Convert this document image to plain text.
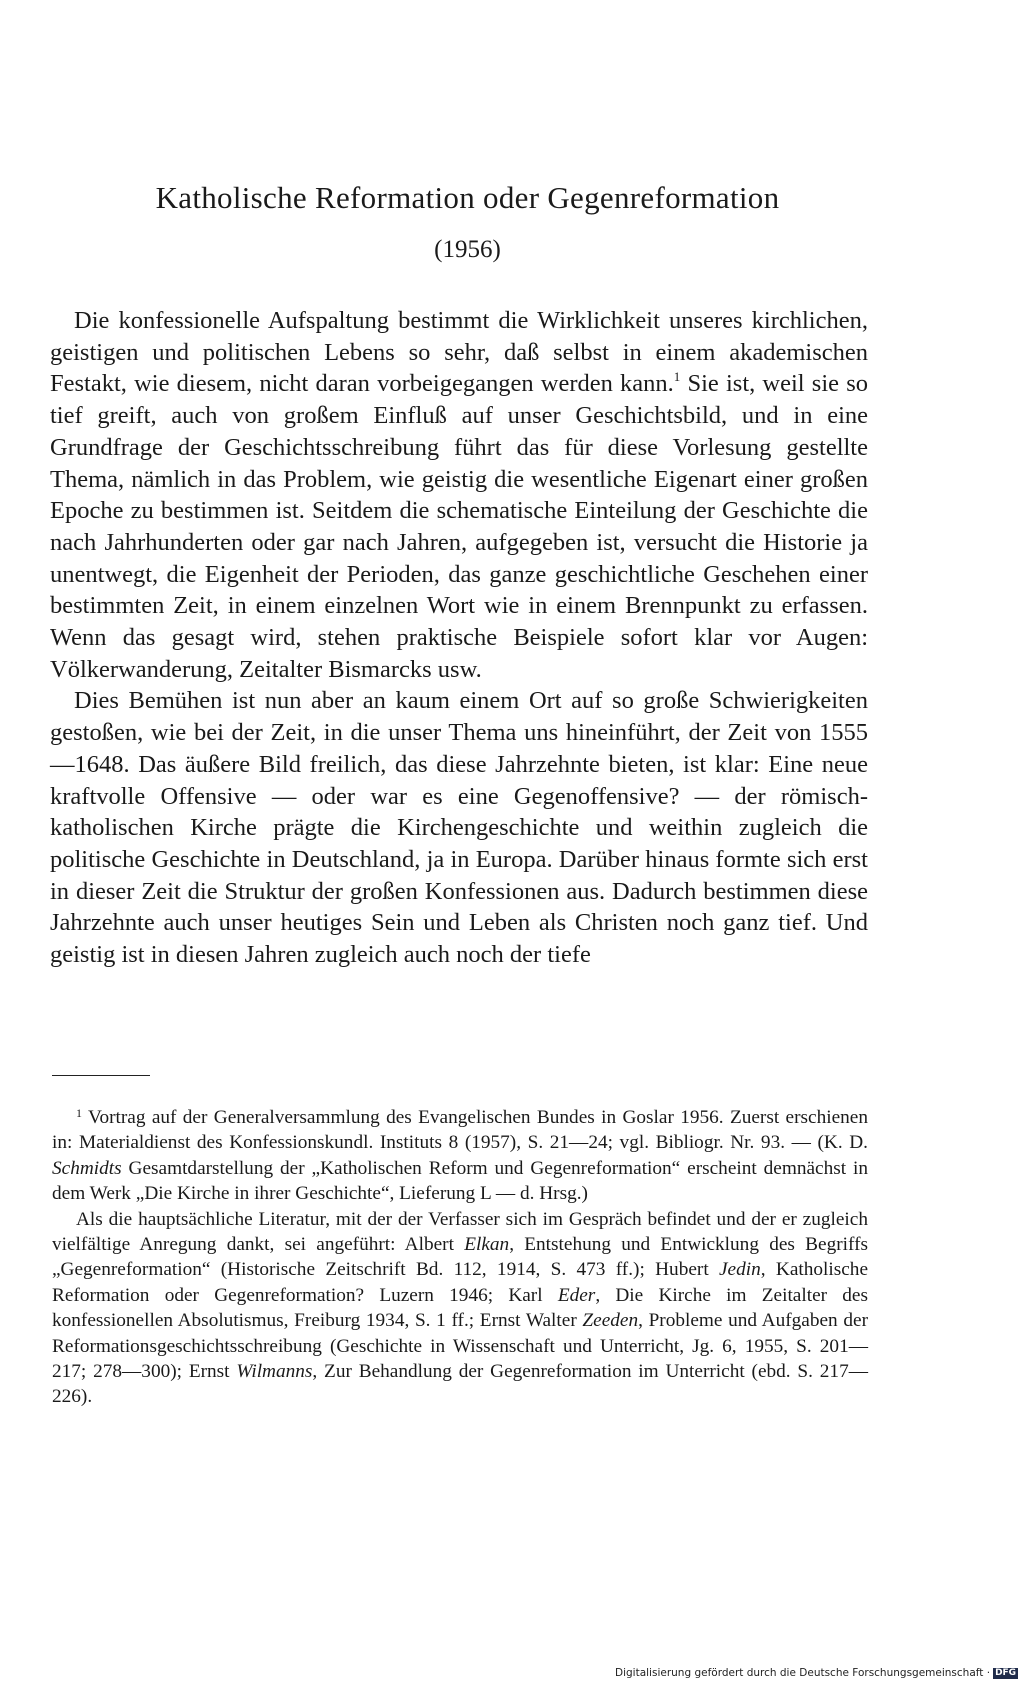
Katholische Reformation oder Gegenreformation
(1956)

Die konfessionelle Aufspaltung bestimmt die Wirklichkeit unseres kirchlichen, geistigen und politischen Lebens so sehr, daß selbst in einem akademischen Festakt, wie diesem, nicht daran vorbeigegangen werden kann.$^1$ Sie ist, weil sie so tief greift, auch von großem Einfluß auf unser Geschichtsbild, und in eine Grundfrage der Geschichtsschreibung führt das für diese Vorlesung gestellte Thema, nämlich in das Problem, wie geistig die wesentliche Eigenart einer großen Epoche zu bestimmen ist. Seitdem die schematische Einteilung der Geschichte die nach Jahrhunderten oder gar nach Jahren, aufgegeben ist, versucht die Historie ja unentwegt, die Eigenheit der Perioden, das ganze geschichtliche Geschehen einer bestimmten Zeit, in einem einzelnen Wort wie in einem Brennpunkt zu erfassen. Wenn das gesagt wird, stehen praktische Beispiele sofort klar vor Augen: Völkerwanderung, Zeitalter Bismarcks usw.

Dies Bemühen ist nun aber an kaum einem Ort auf so große Schwierigkeiten gestoßen, wie bei der Zeit, in die unser Thema uns hineinführt, der Zeit von 1555—1648. Das äußere Bild freilich, das diese Jahrzehnte bieten, ist klar: Eine neue kraftvolle Offensive — oder war es eine Gegenoffensive? — der römisch-katholischen Kirche prägte die Kirchengeschichte und weithin zugleich die politische Geschichte in Deutschland, ja in Europa. Darüber hinaus formte sich erst in dieser Zeit die Struktur der großen Konfessionen aus. Dadurch bestimmen diese Jahrzehnte auch unser heutiges Sein und Leben als Christen noch ganz tief. Und geistig ist in diesen Jahren zugleich auch noch der tiefe

$^1$ Vortrag auf der Generalversammlung des Evangelischen Bundes in Goslar 1956. Zuerst erschienen in: Materialdienst des Konfessionskundl. Instituts 8 (1957), S. 21—24; vgl. Bibliogr. Nr. 93. — (K. D. Schmidts Gesamtdarstellung der „Katholischen Reform und Gegenreformation“ erscheint demnächst in dem Werk „Die Kirche in ihrer Geschichte“, Lieferung L — d. Hrsg.)

Als die hauptsächliche Literatur, mit der der Verfasser sich im Gespräch befindet und der er zugleich vielfältige Anregung dankt, sei angeführt: Albert Elkan, Entstehung und Entwicklung des Begriffs „Gegenreformation“ (Historische Zeitschrift Bd. 112, 1914, S. 473 ff.); Hubert Jedin, Katholische Reformation oder Gegenreformation? Luzern 1946; Karl Eder, Die Kirche im Zeitalter des konfessionellen Absolutismus, Freiburg 1934, S. 1 ff.; Ernst Walter Zeeden, Probleme und Aufgaben der Reformationsgeschichtsschreibung (Geschichte in Wissenschaft und Unterricht, Jg. 6, 1955, S. 201—217; 278—300); Ernst Wilmanns, Zur Behandlung der Gegenreformation im Unterricht (ebd. S. 217—226).

Digitalisierung gefördert durch die Deutsche Forschungsgemeinschaft · DFG
